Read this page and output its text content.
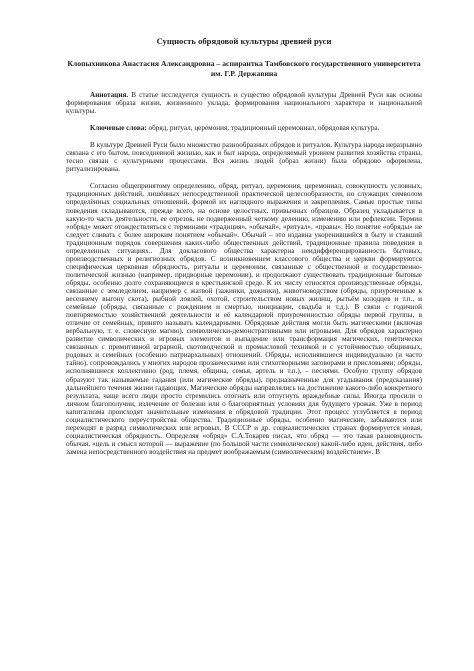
Сущность обрядовой культуры древней руси
Клопыхникова Анастасия Александровна – аспирантка Тамбовского государственного университета им. Г.Р. Державина

Аннотация. В статье исследуется сущность и существо обрядовой культуры Древней Руси как основы формирования образа жизни, жизненного уклада, формирования национального характера и национальной культуры.

Ключевые слова: обряд, ритуал, церемония, традиционный церемониал, обрядовая культура.

В культуре Древней Руси было множество разнообразных обрядов и ритуалов. Культура народа неразрывно связана с его бытом, повседневной жизнью, как и быт народа, определяемый уровнем развития хозяйства страны, тесно связан с культурными процессами. Вся жизнь людей (образ жизни) была обрядово оформлена, ритуализирована.

Согласно общепринятому определению, обряд, ритуал, церемония, церемониал, совокупность условных, традиционных действий, лишённых непосредственной практической целесообразности, но служащих символом определённых социальных отношений, формой их наглядного выражения и закрепления. Самые простые типы поведения складываются, прежде всего, на основе целостных, привычных образцов. Образец укладывается в какую-то часть деятельности, ее отрезок, не подверженный четкому делению, изменению или рефлексии. Термин «обряд» может отождествляться с терминами «традиция», «обычай», «ритуал», «правы». Но понятие «обряды» не следует сливать с более широким понятием «обычай». Обычай – это издавна укоренившийся в быту и ставший традиционным порядок совершения каких-либо общественных действий, традиционные правила поведения в определенных ситуациях.. Для докласового общества характерна неидифференцированность бытовых, производственных и религиозных обрядов. С возникновением классового общества и церкви формируются специфическая церковная обрядность, ритуалы и церемонии, связанные с общественной и государственно-политической жизнью (например, придворные церемонии), и продолжают существовать традиционные бытовые обряды, особенно долго сохраняющиеся в крестьянской среде. К их числу относятся производственные обряды, связанные с земледелием, например с жатвой (зажинки, дожинки), животноводством (обряды, приуроченные к весеннему выгону скота), рыбной ловлей, охотой, строительством новых жилищ, рытьём колодцев и т.п., и семейные (обряды, связанные с рождением и смертью, инициации, свадьба и т.д.). В связи с годичной повторяемостью хозяйственной деятельности и её календарной приуроченностью обряды первой группы, в отличие от семейных, принято называть календарными. Обрядовые действия могли быть магическими (включая вербальную, т. е. словесную магию), символически-демонстративными или игровыми. Для обрядов характерно развитие символических и игровых элементов и выпадение или трансформация магических, генетически связанных с примитивной аграрной, скотоводческой и промысловой техникой и с устойчивостью общинных, родовых и семейных (особенно патриархальных) отношений. Обряды, исполнявшиеся индивидуально (и часто тайно), сопровождались у многих народов прозаическими или стихотворными заговорами и присловьями; обряды, исполнявшиеся коллективно (род, племя, община, семья, артель и т.п.), - песнями. Особую группу обрядов образуют так называемые гадания (или магические обряды), предназначенные для угадывания (предсказания) дальнейшего течения жизни гадающих. Магические обряды направлялись на достижение какого-либо конкретного результата, чаще всего люди просто стремились отогнать или отпугнуть враждебные силы. Иногда просили о личном благополучии, излечение от болезни или о благоприятных условиях для будущего урожая. Уже в период капитализма происходят значительные изменения в обрядовой традиции. Этот процесс углубляется в период социалистического переустройства общества. Традиционные обряды, особенно магические, забываются или переходят в разряд символических или игровых. В СССР и др. социалистических странах формируется новая, социалистическая обрядность. Определяя «обряд» С.А.Токарев писал, что обряд — это такая разновидность обычая, «цель и смысл которой — выражение (по большой части символическое) какой-либо идеи, действия, либо замена непосредственного воздействия на предмет воображаемым (символическим) воздействием». В
